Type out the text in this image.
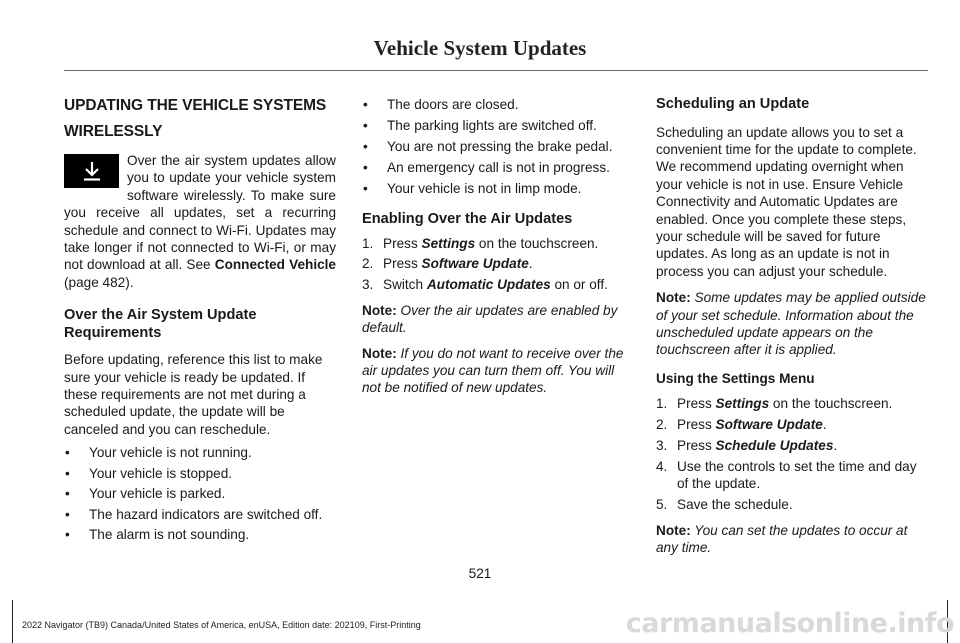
Vehicle System Updates
UPDATING THE VEHICLE SYSTEMS
WIRELESSLY
Over the air system updates allow you to update your vehicle system software wirelessly. To make sure you receive all updates, set a recurring schedule and connect to Wi-Fi. Updates may take longer if not connected to Wi-Fi, or may not download at all. See Connected Vehicle (page 482).
Over the Air System Update Requirements
Before updating, reference this list to make sure your vehicle is ready be updated. If these requirements are not met during a scheduled update, the update will be canceled and you can reschedule.
• Your vehicle is not running.
• Your vehicle is stopped.
• Your vehicle is parked.
• The hazard indicators are switched off.
• The alarm is not sounding.
• The doors are closed.
• The parking lights are switched off.
• You are not pressing the brake pedal.
• An emergency call is not in progress.
• Your vehicle is not in limp mode.
Enabling Over the Air Updates
1. Press Settings on the touchscreen.
2. Press Software Update.
3. Switch Automatic Updates on or off.
Note: Over the air updates are enabled by default.
Note: If you do not want to receive over the air updates you can turn them off. You will not be notified of new updates.
Scheduling an Update
Scheduling an update allows you to set a convenient time for the update to complete. We recommend updating overnight when your vehicle is not in use. Ensure Vehicle Connectivity and Automatic Updates are enabled. Once you complete these steps, your schedule will be saved for future updates. As long as an update is not in process you can adjust your schedule.
Note: Some updates may be applied outside of your set schedule. Information about the unscheduled update appears on the touchscreen after it is applied.
Using the Settings Menu
1. Press Settings on the touchscreen.
2. Press Software Update.
3. Press Schedule Updates.
4. Use the controls to set the time and day of the update.
5. Save the schedule.
Note: You can set the updates to occur at any time.
521
2022 Navigator (TB9) Canada/United States of America, enUSA, Edition date: 202109, First-Printing	carmanualsonline.info
